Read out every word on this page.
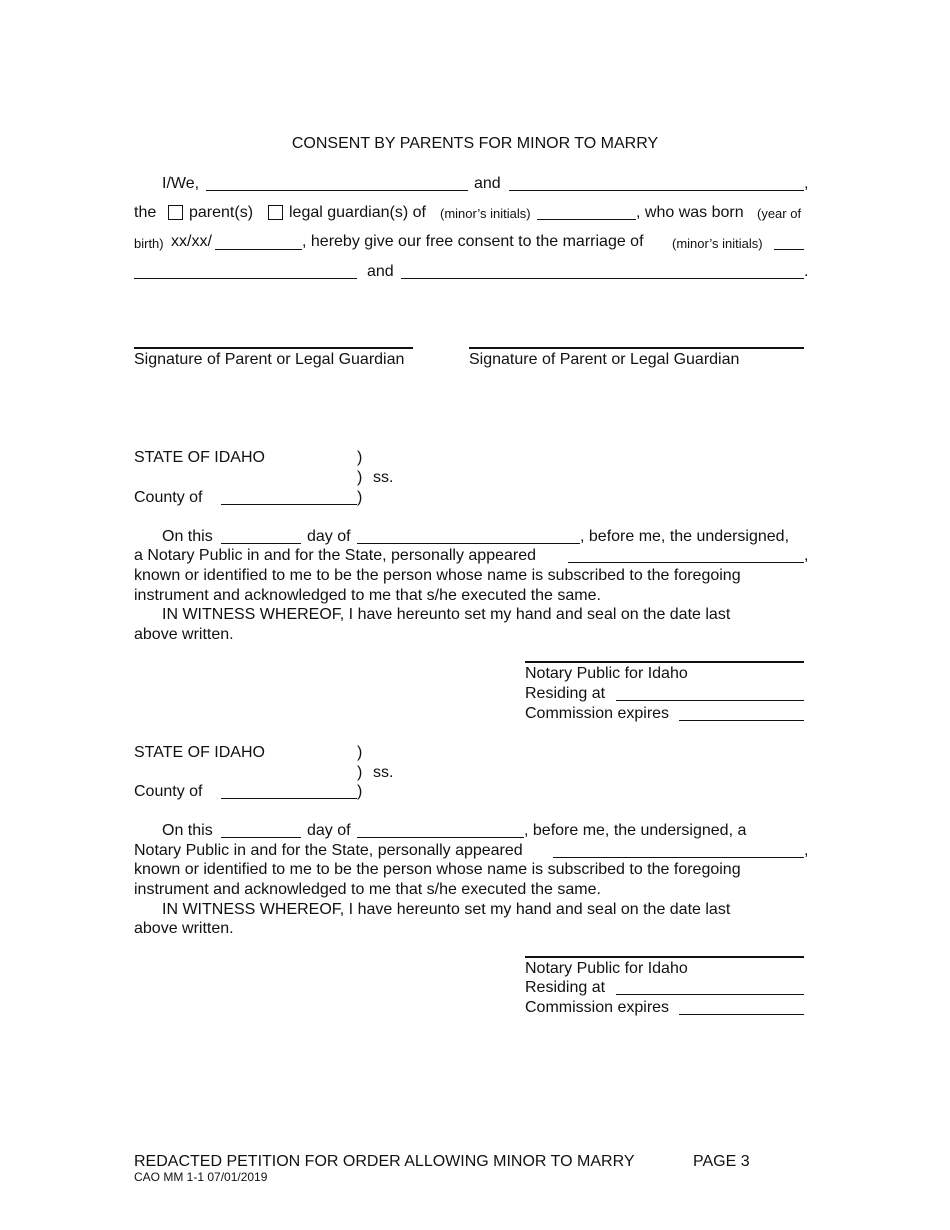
CONSENT BY PARENTS FOR MINOR TO MARRY
I/We,	and	,
the parent(s) legal guardian(s) of (minor’s initials)	, who was born (year of
birth) xx/xx/	, hereby give our free consent to the marriage of (minor’s initials)
and	.
Signature of Parent or Legal Guardian	Signature of Parent or Legal Guardian
STATE OF IDAHO	)
) ss.
County of	)
On this	day of	, before me, the undersigned,
a Notary Public in and for the State, personally appeared	,
known or identified to me to be the person whose name is subscribed to the foregoing
instrument and acknowledged to me that s/he executed the same.
IN WITNESS WHEREOF, I have hereunto set my hand and seal on the date last
above written.
Notary Public for Idaho
Residing at
Commission expires
STATE OF IDAHO	)
) ss.
County of	)
On this	day of	, before me, the undersigned, a
Notary Public in and for the State, personally appeared	,
known or identified to me to be the person whose name is subscribed to the foregoing
instrument and acknowledged to me that s/he executed the same.
IN WITNESS WHEREOF, I have hereunto set my hand and seal on the date last
above written.
Notary Public for Idaho
Residing at
Commission expires
REDACTED PETITION FOR ORDER ALLOWING MINOR TO MARRY	PAGE 3
CAO MM 1-1 07/01/2019
